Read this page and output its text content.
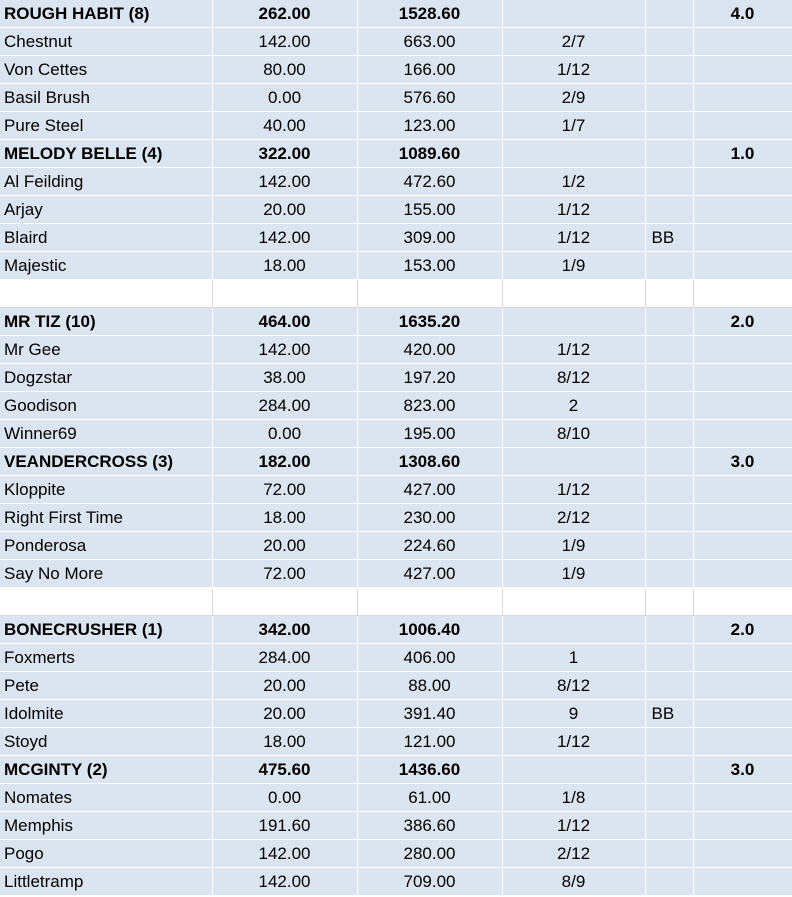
ROUGH HABIT (8)	262.00	1528.60			4.0
Chestnut	142.00	663.00	2/7		
Von Cettes	80.00	166.00	1/12		
Basil Brush	0.00	576.60	2/9		
Pure Steel	40.00	123.00	1/7		
MELODY BELLE (4)	322.00	1089.60			1.0
Al Feilding	142.00	472.60	1/2		
Arjay	20.00	155.00	1/12		
Blaird	142.00	309.00	1/12	BB	
Majestic	18.00	153.00	1/9		

MR TIZ (10)	464.00	1635.20			2.0
Mr Gee	142.00	420.00	1/12		
Dogzstar	38.00	197.20	8/12		
Goodison	284.00	823.00	2		
Winner69	0.00	195.00	8/10		
VEANDERCROSS (3)	182.00	1308.60			3.0
Kloppite	72.00	427.00	1/12		
Right First Time	18.00	230.00	2/12		
Ponderosa	20.00	224.60	1/9		
Say No More	72.00	427.00	1/9		

BONECRUSHER (1)	342.00	1006.40			2.0
Foxmerts	284.00	406.00	1		
Pete	20.00	88.00	8/12		
Idolmite	20.00	391.40	9	BB	
Stoyd	18.00	121.00	1/12		
MCGINTY (2)	475.60	1436.60			3.0
Nomates	0.00	61.00	1/8		
Memphis	191.60	386.60	1/12		
Pogo	142.00	280.00	2/12		
Littletramp	142.00	709.00	8/9		
